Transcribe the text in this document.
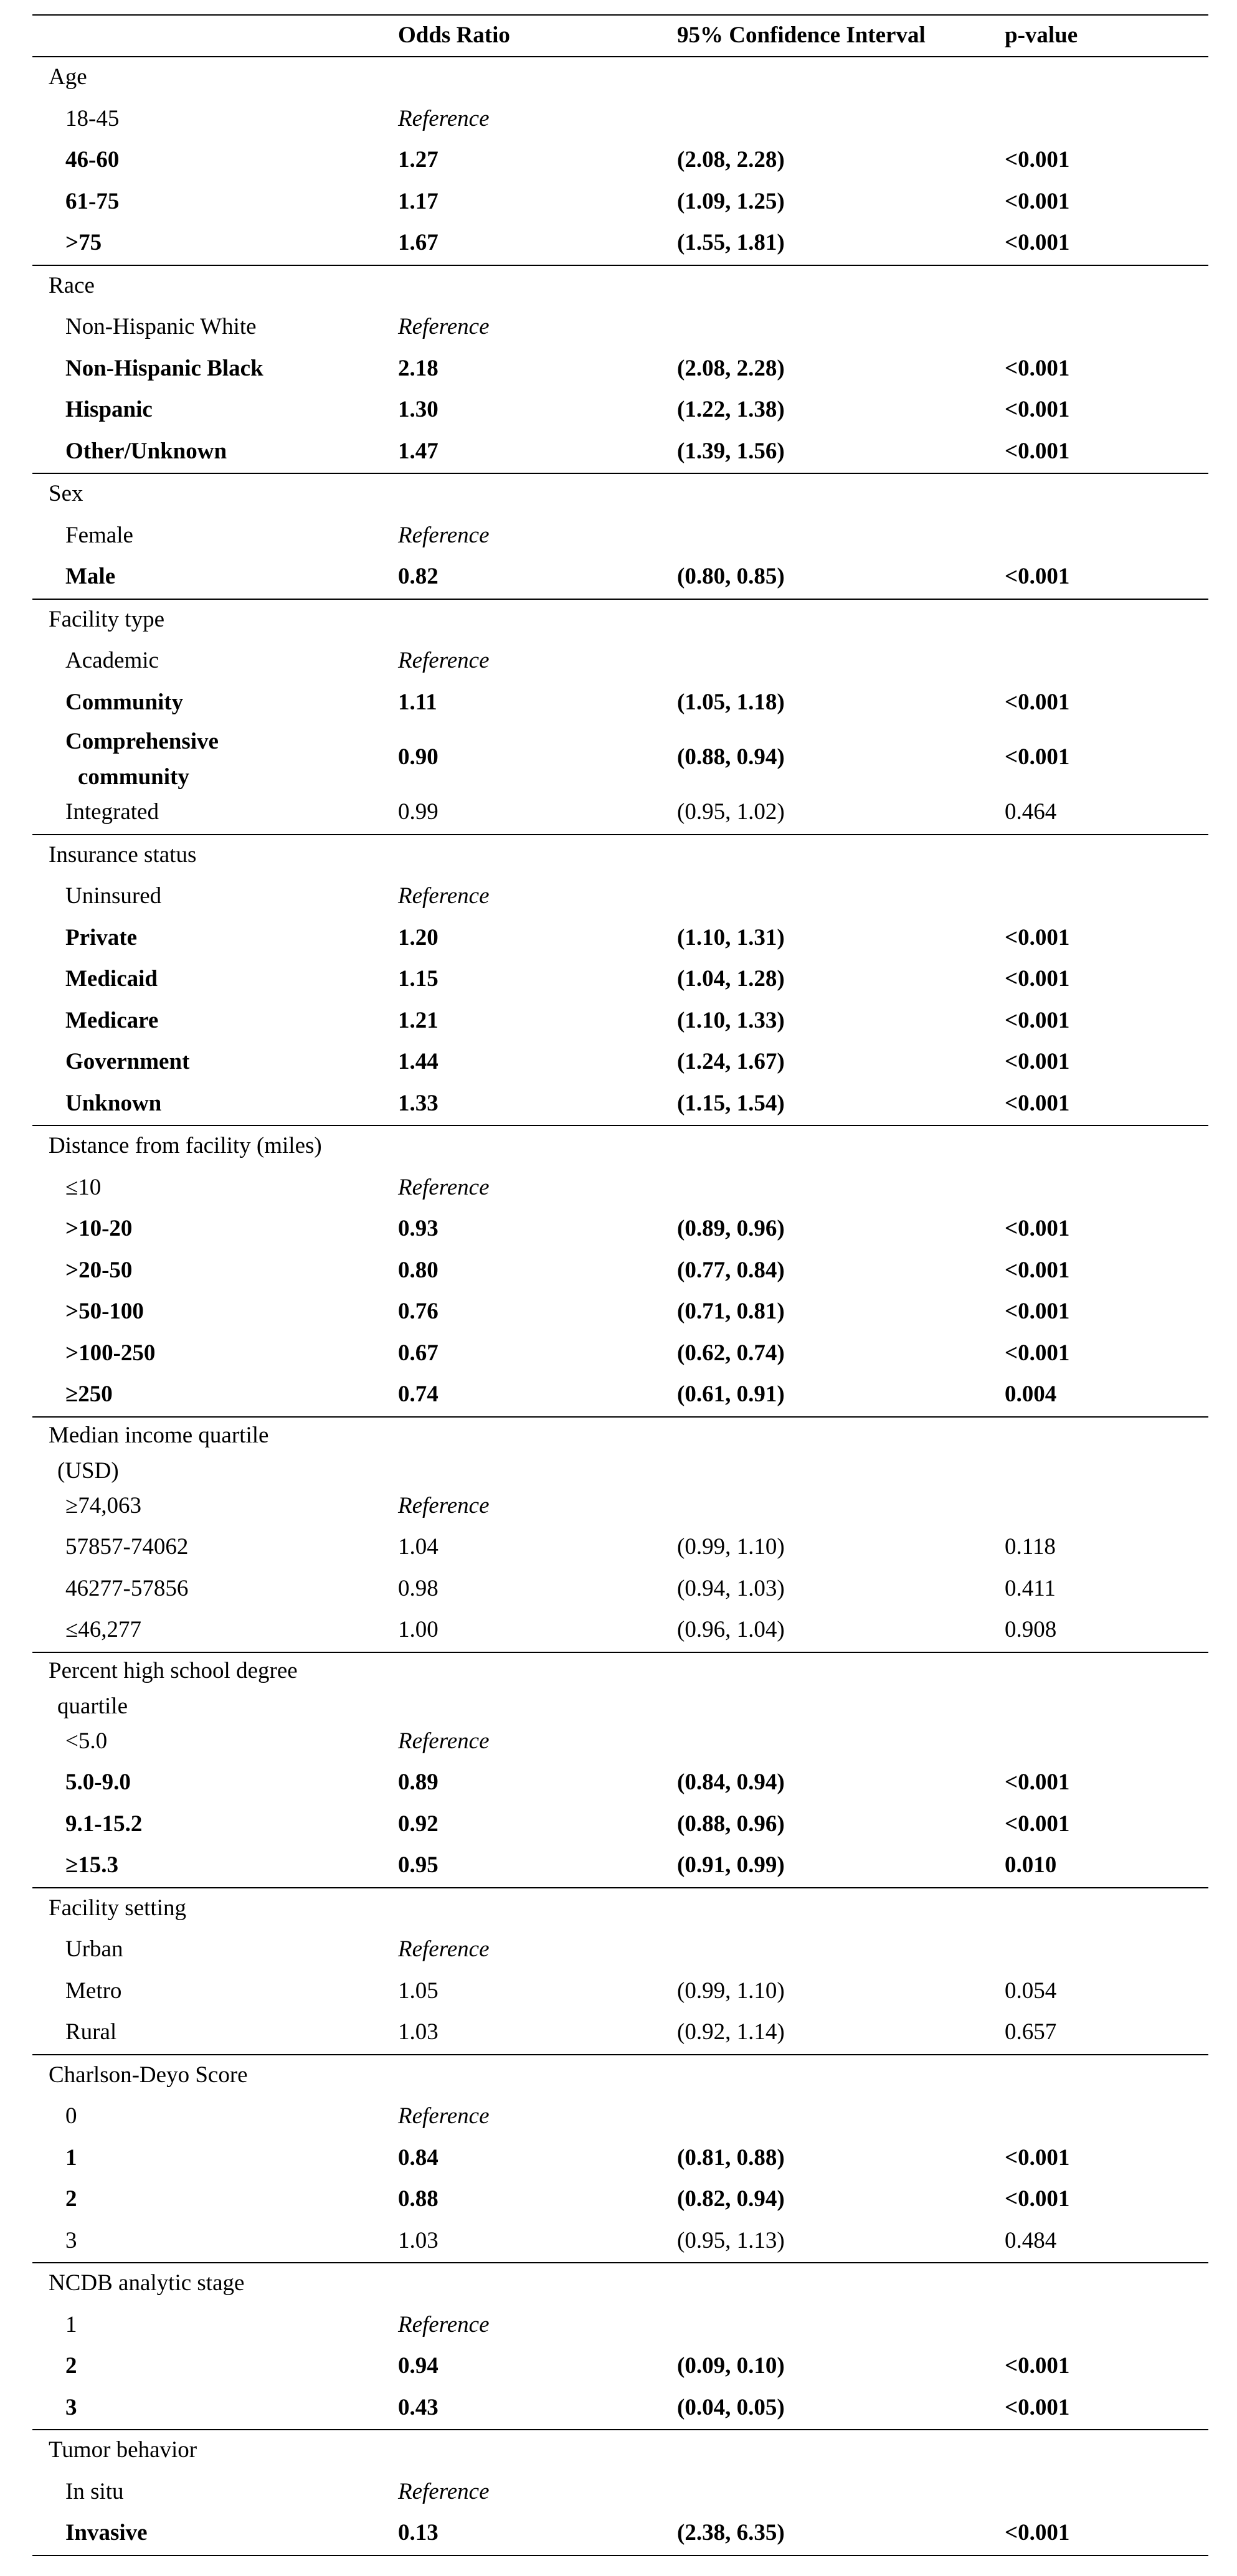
Odds Ratio	95% Confidence Interval	p-value
Age
18-45	Reference
46-60	1.27	(2.08, 2.28)	<0.001
61-75	1.17	(1.09, 1.25)	<0.001
>75	1.67	(1.55, 1.81)	<0.001
Race
Non-Hispanic White	Reference
Non-Hispanic Black	2.18	(2.08, 2.28)	<0.001
Hispanic	1.30	(1.22, 1.38)	<0.001
Other/Unknown	1.47	(1.39, 1.56)	<0.001
Sex
Female	Reference
Male	0.82	(0.80, 0.85)	<0.001
Facility type
Academic	Reference
Community	1.11	(1.05, 1.18)	<0.001
Comprehensive
community
0.90	(0.88, 0.94)	<0.001
Integrated	0.99	(0.95, 1.02)	0.464
Insurance status
Uninsured	Reference
Private	1.20	(1.10, 1.31)	<0.001
Medicaid	1.15	(1.04, 1.28)	<0.001
Medicare	1.21	(1.10, 1.33)	<0.001
Government	1.44	(1.24, 1.67)	<0.001
Unknown	1.33	(1.15, 1.54)	<0.001
Distance from facility (miles)
≤10	Reference
>10-20	0.93	(0.89, 0.96)	<0.001
>20-50	0.80	(0.77, 0.84)	<0.001
>50-100	0.76	(0.71, 0.81)	<0.001
>100-250	0.67	(0.62, 0.74)	<0.001
≥250	0.74	(0.61, 0.91)	0.004
Median income quartile
(USD)
≥74,063	Reference
57857-74062	1.04	(0.99, 1.10)	0.118
46277-57856	0.98	(0.94, 1.03)	0.411
≤46,277	1.00	(0.96, 1.04)	0.908
Percent high school degree
quartile
<5.0	Reference
5.0-9.0	0.89	(0.84, 0.94)	<0.001
9.1-15.2	0.92	(0.88, 0.96)	<0.001
≥15.3	0.95	(0.91, 0.99)	0.010
Facility setting
Urban	Reference
Metro	1.05	(0.99, 1.10)	0.054
Rural	1.03	(0.92, 1.14)	0.657
Charlson-Deyo Score
0	Reference
1	0.84	(0.81, 0.88)	<0.001
2	0.88	(0.82, 0.94)	<0.001
3	1.03	(0.95, 1.13)	0.484
NCDB analytic stage
1	Reference
2	0.94	(0.09, 0.10)	<0.001
3	0.43	(0.04, 0.05)	<0.001
Tumor behavior
In situ	Reference
Invasive	0.13	(2.38, 6.35)	<0.001
